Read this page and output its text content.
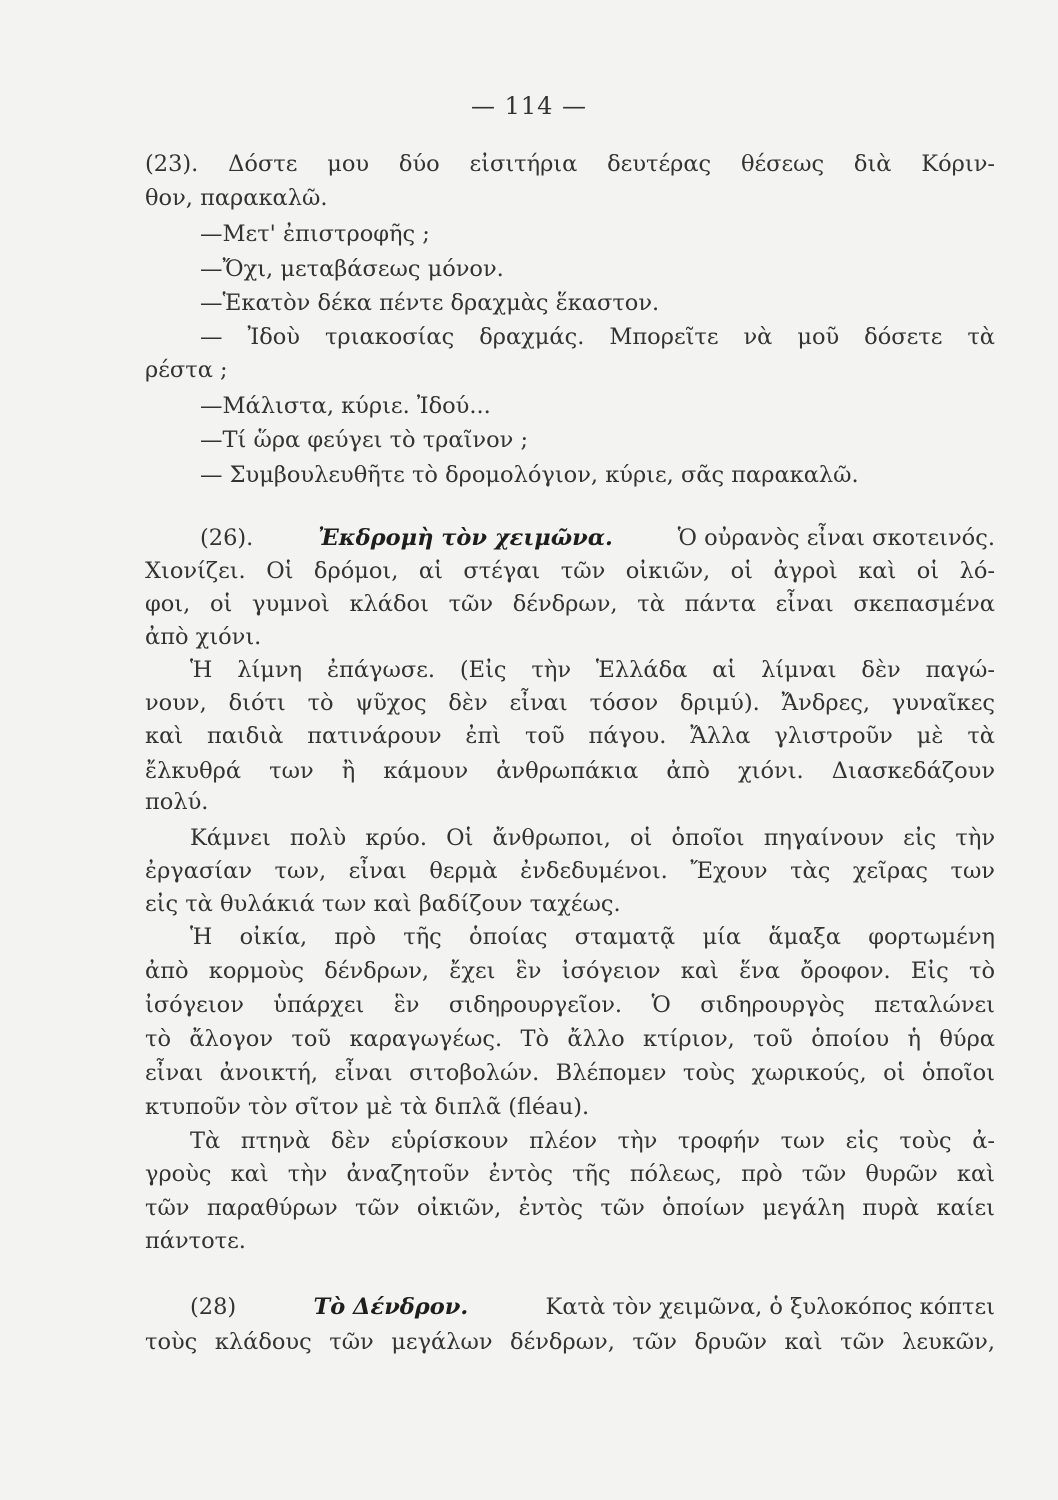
— 114 —
(23). Δόστε μου δύο εἰσιτήρια δευτέρας θέσεως διὰ Κόριν-
θον, παρακαλῶ.
—Μετ' ἐπιστροφῆς ;
—Ὄχι, μεταβάσεως μόνον.
—Ἑκατὸν δέκα πέντε δραχμὰς ἕκαστον.
— Ἰδοὺ τριακοσίας δραχμάς. Μπορεῖτε νὰ μοῦ δόσετε τὰ
ρέστα ;
—Μάλιστα, κύριε. Ἰδού...
—Τί ὥρα φεύγει τὸ τραῖνον ;
— Συμβουλευθῆτε τὸ δρομολόγιον, κύριε, σᾶς παρακαλῶ.
(26).	Ἐκδρομὴ τὸν χειμῶνα.	Ὁ οὐρανὸς εἶναι σκοτεινός.
Χιονίζει. Οἱ δρόμοι, αἱ στέγαι τῶν οἰκιῶν, οἱ ἀγροὶ καὶ οἱ λό-
φοι, οἱ γυμνοὶ κλάδοι τῶν δένδρων, τὰ πάντα εἶναι σκεπασμένα
ἀπὸ χιόνι.
Ἡ λίμνη ἐπάγωσε. (Εἰς τὴν Ἑλλάδα αἱ λίμναι δὲν παγώ-
νουν, διότι τὸ ψῦχος δὲν εἶναι τόσον δριμύ). Ἄνδρες, γυναῖκες
καὶ παιδιὰ πατινάρουν ἐπὶ τοῦ πάγου. Ἄλλα γλιστροῦν μὲ τὰ
ἔλκυθρά των ἢ κάμουν ἀνθρωπάκια ἀπὸ χιόνι. Διασκεδάζουν
πολύ.
Κάμνει πολὺ κρύο. Οἱ ἄνθρωποι, οἱ ὁποῖοι πηγαίνουν εἰς τὴν
ἐργασίαν των, εἶναι θερμὰ ἐνδεδυμένοι. Ἔχουν τὰς χεῖρας των
εἰς τὰ θυλάκιά των καὶ βαδίζουν ταχέως.
Ἡ οἰκία, πρὸ τῆς ὁποίας σταματᾷ μία ἅμαξα φορτωμένη
ἀπὸ κορμοὺς δένδρων, ἔχει ἓν ἰσόγειον καὶ ἕνα ὄροφον. Εἰς τὸ
ἰσόγειον ὑπάρχει ἓν σιδηρουργεῖον. Ὁ σιδηρουργὸς πεταλώνει
τὸ ἄλογον τοῦ καραγωγέως. Τὸ ἄλλο κτίριον, τοῦ ὁποίου ἡ θύρα
εἶναι ἀνοικτή, εἶναι σιτοβολών. Βλέπομεν τοὺς χωρικούς, οἱ ὁποῖοι
κτυποῦν τὸν σῖτον μὲ τὰ διπλᾶ (fléau).
Τὰ πτηνὰ δὲν εὑρίσκουν πλέον τὴν τροφήν των εἰς τοὺς ἀ-
γροὺς καὶ τὴν ἀναζητοῦν ἐντὸς τῆς πόλεως, πρὸ τῶν θυρῶν καὶ
τῶν παραθύρων τῶν οἰκιῶν, ἐντὸς τῶν ὁποίων μεγάλη πυρὰ καίει
πάντοτε.
(28)	Τὸ Δένδρον.	Κατὰ τὸν χειμῶνα, ὁ ξυλοκόπος κόπτει
τοὺς κλάδους τῶν μεγάλων δένδρων, τῶν δρυῶν καὶ τῶν λευκῶν,
